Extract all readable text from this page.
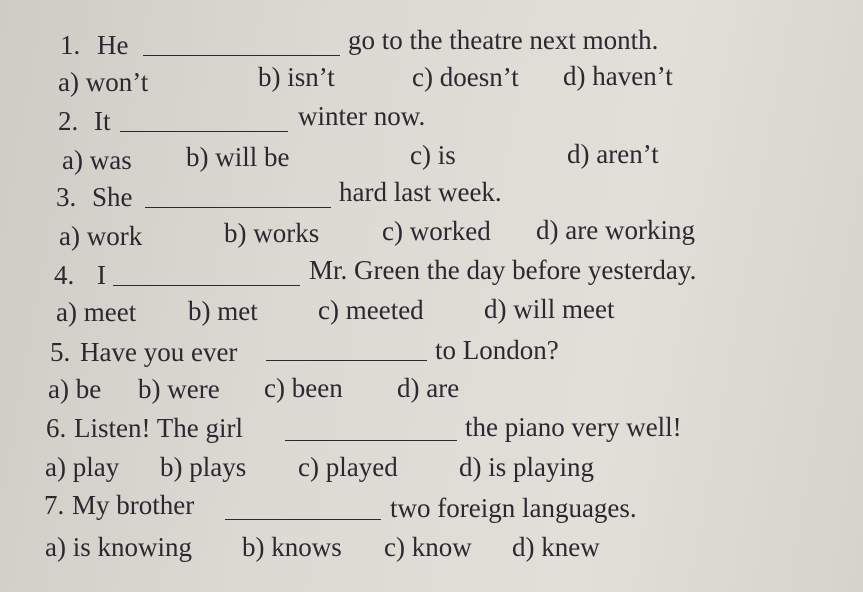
1. He	go to the theatre next month.
a) won’t	b) isn’t	c) doesn’t d) haven’t
2. It	winter now.
a) was b) will be	c) is	d) aren’t
3. She	hard last week.
a) work	b) works c) worked d) are working
4. I	Mr. Green the day before yesterday.
a) meet b) met c) meeted d) will meet
5. Have you ever	to London?
a) be b) were c) been d) are
6. Listen! The girl	the piano very well!
a) play b) plays c) played d) is playing
7. My brother	two foreign languages.
a) is knowing b) knows c) know d) knew
